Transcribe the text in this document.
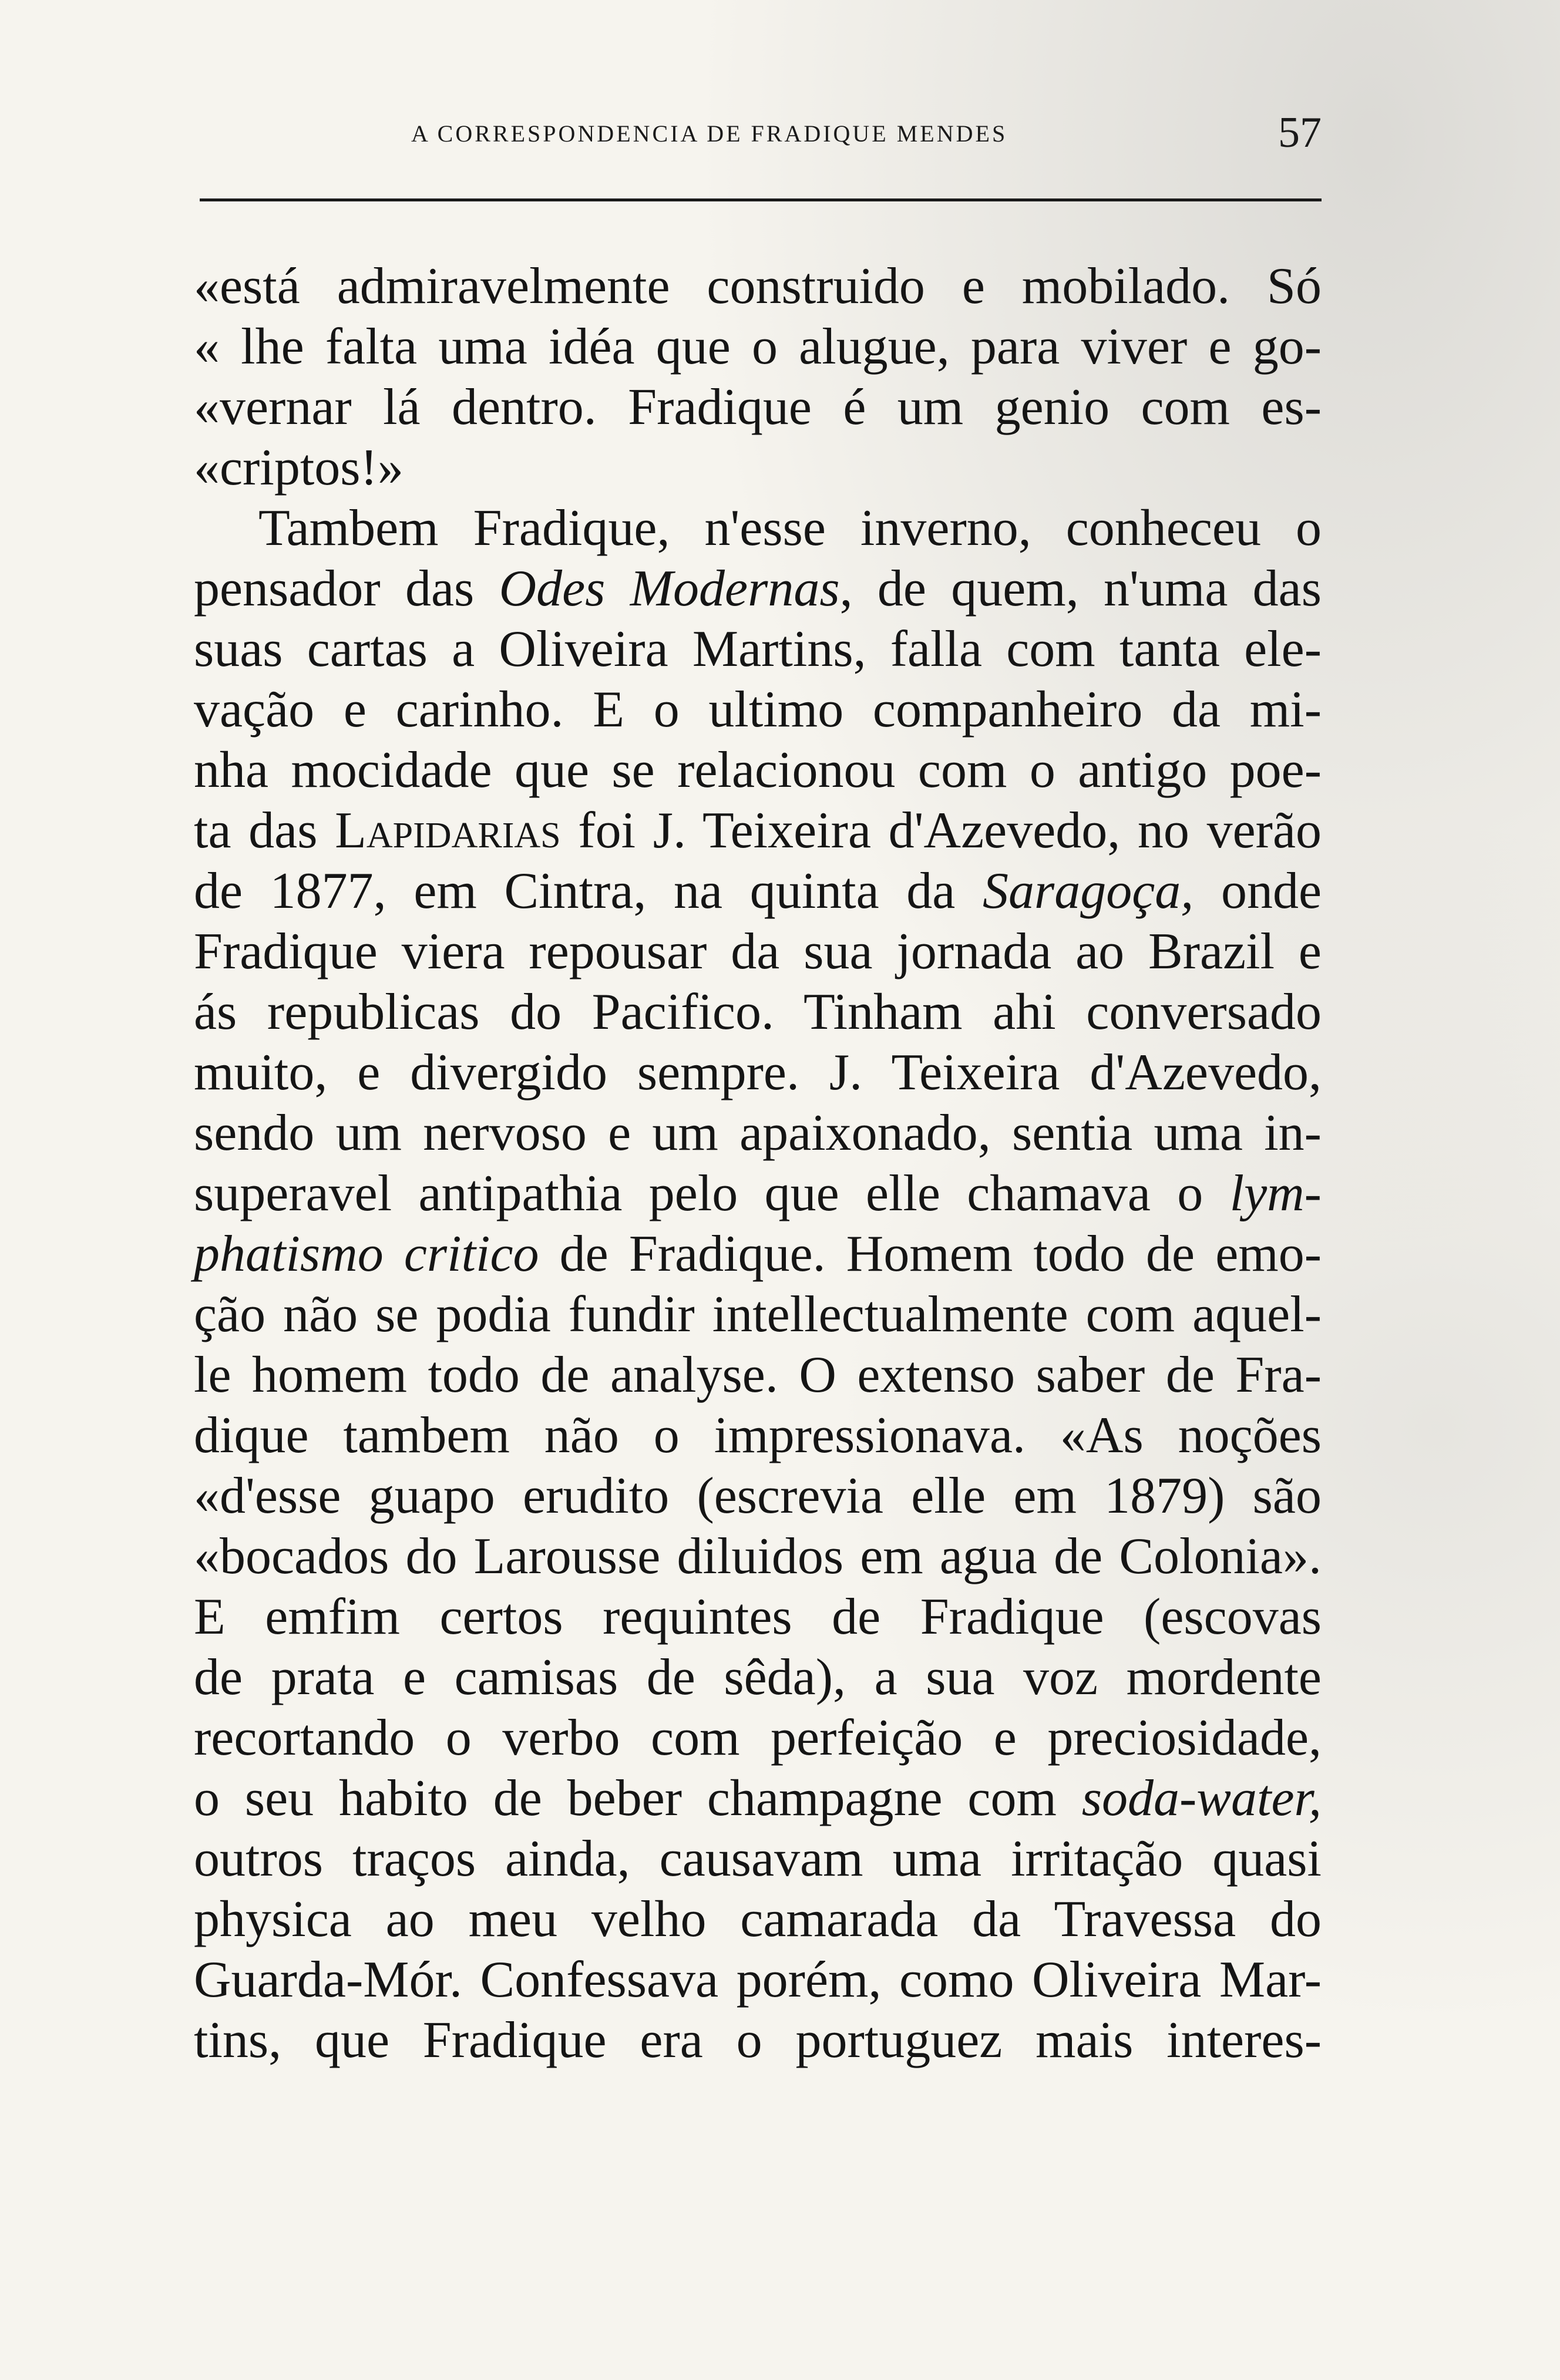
A CORRESPONDENCIA DE FRADIQUE MENDES	57
«está admiravelmente construido e mobilado. Só
« lhe falta uma idéa que o alugue, para viver e go-
«vernar lá dentro. Fradique é um genio com es-
«criptos!»
Tambem Fradique, n'esse inverno, conheceu o
pensador das Odes Modernas, de quem, n'uma das
suas cartas a Oliveira Martins, falla com tanta ele-
vação e carinho. E o ultimo companheiro da mi-
nha mocidade que se relacionou com o antigo poe-
ta das Lapidarias foi J. Teixeira d'Azevedo, no verão
de 1877, em Cintra, na quinta da Saragoça, onde
Fradique viera repousar da sua jornada ao Brazil e
ás republicas do Pacifico. Tinham ahi conversado
muito, e divergido sempre. J. Teixeira d'Azevedo,
sendo um nervoso e um apaixonado, sentia uma in-
superavel antipathia pelo que elle chamava o lym-
phatismo critico de Fradique. Homem todo de emo-
ção não se podia fundir intellectualmente com aquel-
le homem todo de analyse. O extenso saber de Fra-
dique tambem não o impressionava. «As noções
«d'esse guapo erudito (escrevia elle em 1879) são
«bocados do Larousse diluidos em agua de Colonia».
E emfim certos requintes de Fradique (escovas
de prata e camisas de sêda), a sua voz mordente
recortando o verbo com perfeição e preciosidade,
o seu habito de beber champagne com soda-water,
outros traços ainda, causavam uma irritação quasi
physica ao meu velho camarada da Travessa do
Guarda-Mór. Confessava porém, como Oliveira Mar-
tins, que Fradique era o portuguez mais interes-
